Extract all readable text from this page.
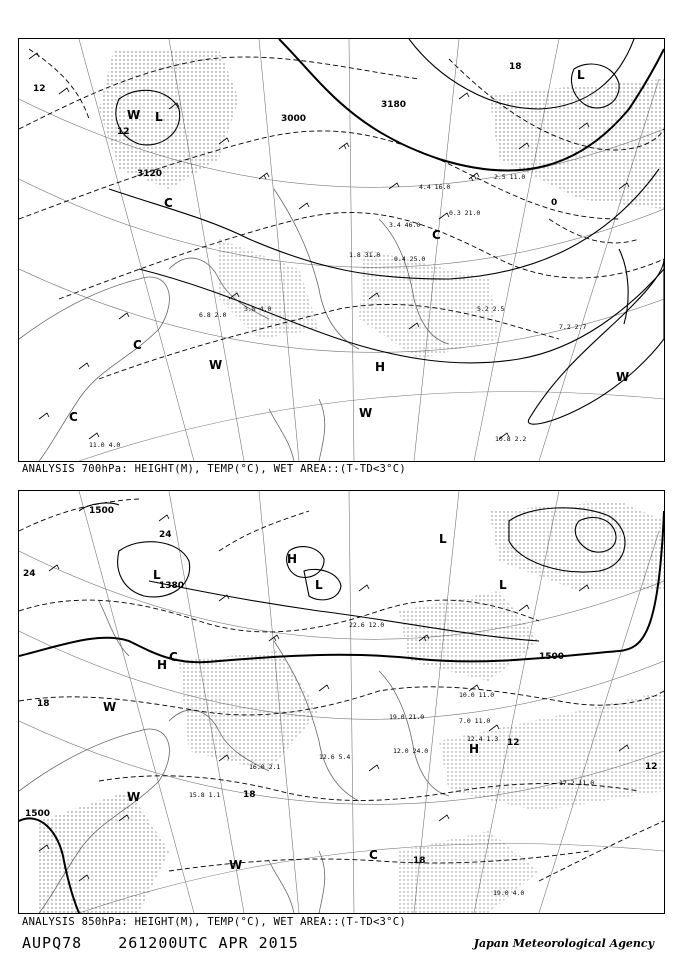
3000
3120
3180
12
12
18
0
L
L
W
W
W
W
C
C
C
C
H
1.8 31.0
3.4 46.0
0.4 25.0
2.5 11.0
5.2 2.5
7.2 2.7
10.8 2.2
11.0 4.0
3.8 4.0
6.8 2.0
4.4 16.0
0.3 21.0
ANALYSIS 700hPa: HEIGHT(M), TEMP(°C), WET AREA::(T-TD<3°C)
1500
1380
1500
1500
24
24
18
18
18
12
12
L
L
L
L
H
H
H
W
W
W
C
C
12.4 1.3
17.2 11.0
19.0 4.0
12.0 24.0
19.0 21.0
10.0 11.0
7.0 11.0
22.6 12.0
15.8 1.1
16.0 2.1
12.6 5.4
ANALYSIS 850hPa: HEIGHT(M), TEMP(°C), WET AREA::(T-TD<3°C)
AUPQ78 261200UTC APR 2015	Japan Meteorological Agency
